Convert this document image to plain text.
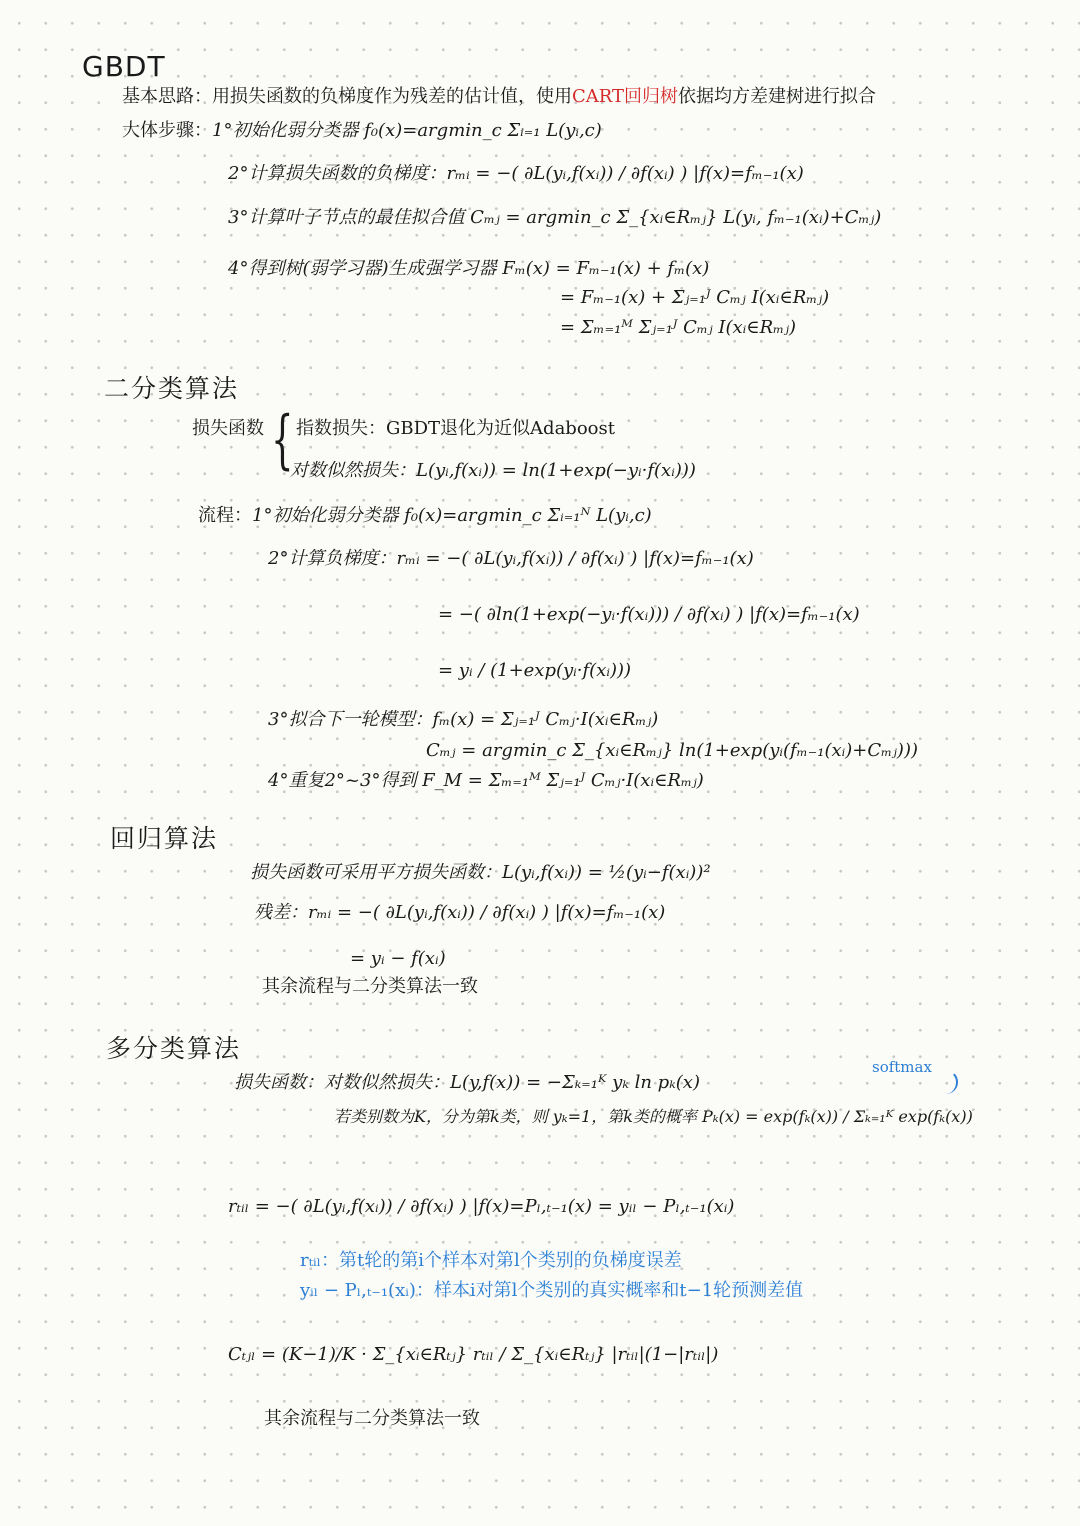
GBDT
基本思路：用损失函数的负梯度作为残差的估计值，使用CART回归树依据均方差建树进行拟合
大体步骤：1°初始化弱分类器 f₀(x)=argmin_c Σᵢ₌₁ L(yᵢ,c)
2°计算损失函数的负梯度：rₘᵢ = −( ∂L(yᵢ,f(xᵢ)) / ∂f(xᵢ) ) |f(x)=fₘ₋₁(x)
3°计算叶子节点的最佳拟合值 Cₘⱼ = argmin_c Σ_{xᵢ∈Rₘⱼ} L(yᵢ, fₘ₋₁(xᵢ)+Cₘⱼ)
4°得到树(弱学习器)生成强学习器 Fₘ(x) = Fₘ₋₁(x) + fₘ(x)
= Fₘ₋₁(x) + Σⱼ₌₁ᴶ Cₘⱼ I(xᵢ∈Rₘⱼ)
= Σₘ₌₁ᴹ Σⱼ₌₁ᴶ Cₘⱼ I(xᵢ∈Rₘⱼ)
二分类算法
损失函数 { 指数损失：GBDT退化为近似Adaboost
对数似然损失：L(yᵢ,f(xᵢ)) = ln(1+exp(−yᵢ·f(xᵢ)))
流程：1°初始化弱分类器 f₀(x)=argmin_c Σᵢ₌₁ᴺ L(yᵢ,c)
2°计算负梯度：rₘᵢ = −( ∂L(yᵢ,f(xᵢ)) / ∂f(xᵢ) ) |f(x)=fₘ₋₁(x)
= −( ∂ln(1+exp(−yᵢ·f(xᵢ))) / ∂f(xᵢ) ) |f(x)=fₘ₋₁(x)
= yᵢ / (1+exp(yᵢ·f(xᵢ)))
3°拟合下一轮模型：fₘ(x) = Σⱼ₌₁ᴶ Cₘⱼ·I(xᵢ∈Rₘⱼ)
Cₘⱼ = argmin_c Σ_{xᵢ∈Rₘⱼ} ln(1+exp(yᵢ(fₘ₋₁(xᵢ)+Cₘⱼ)))
4°重复2°~3°得到 F_M = Σₘ₌₁ᴹ Σⱼ₌₁ᴶ Cₘⱼ·I(xᵢ∈Rₘⱼ)
回归算法
损失函数可采用平方损失函数：L(yᵢ,f(xᵢ)) = ½(yᵢ−f(xᵢ))²
残差：rₘᵢ = −( ∂L(yᵢ,f(xᵢ)) / ∂f(xᵢ) ) |f(x)=fₘ₋₁(x)
= yᵢ − f(xᵢ)
其余流程与二分类算法一致
多分类算法
损失函数：对数似然损失：L(y,f(x)) = −Σₖ₌₁ᴷ yₖ ln pₖ(x)
softmax
若类别数为K，分为第k类，则 yₖ=1，第k类的概率 Pₖ(x) = exp(fₖ(x)) / Σₖ₌₁ᴷ exp(fₖ(x))
rₜᵢₗ = −( ∂L(yᵢ,f(xᵢ)) / ∂f(xᵢ) ) |f(x)=Pₗ,ₜ₋₁(x) = yᵢₗ − Pₗ,ₜ₋₁(xᵢ)
rₜᵢₗ：第t轮的第i个样本对第l个类别的负梯度误差
yᵢₗ − Pₗ,ₜ₋₁(xᵢ)：样本i对第l个类别的真实概率和t−1轮预测差值
Cₜⱼₗ = (K−1)/K · Σ_{xᵢ∈Rₜⱼ} rₜᵢₗ / Σ_{xᵢ∈Rₜⱼ} |rₜᵢₗ|(1−|rₜᵢₗ|)
其余流程与二分类算法一致
